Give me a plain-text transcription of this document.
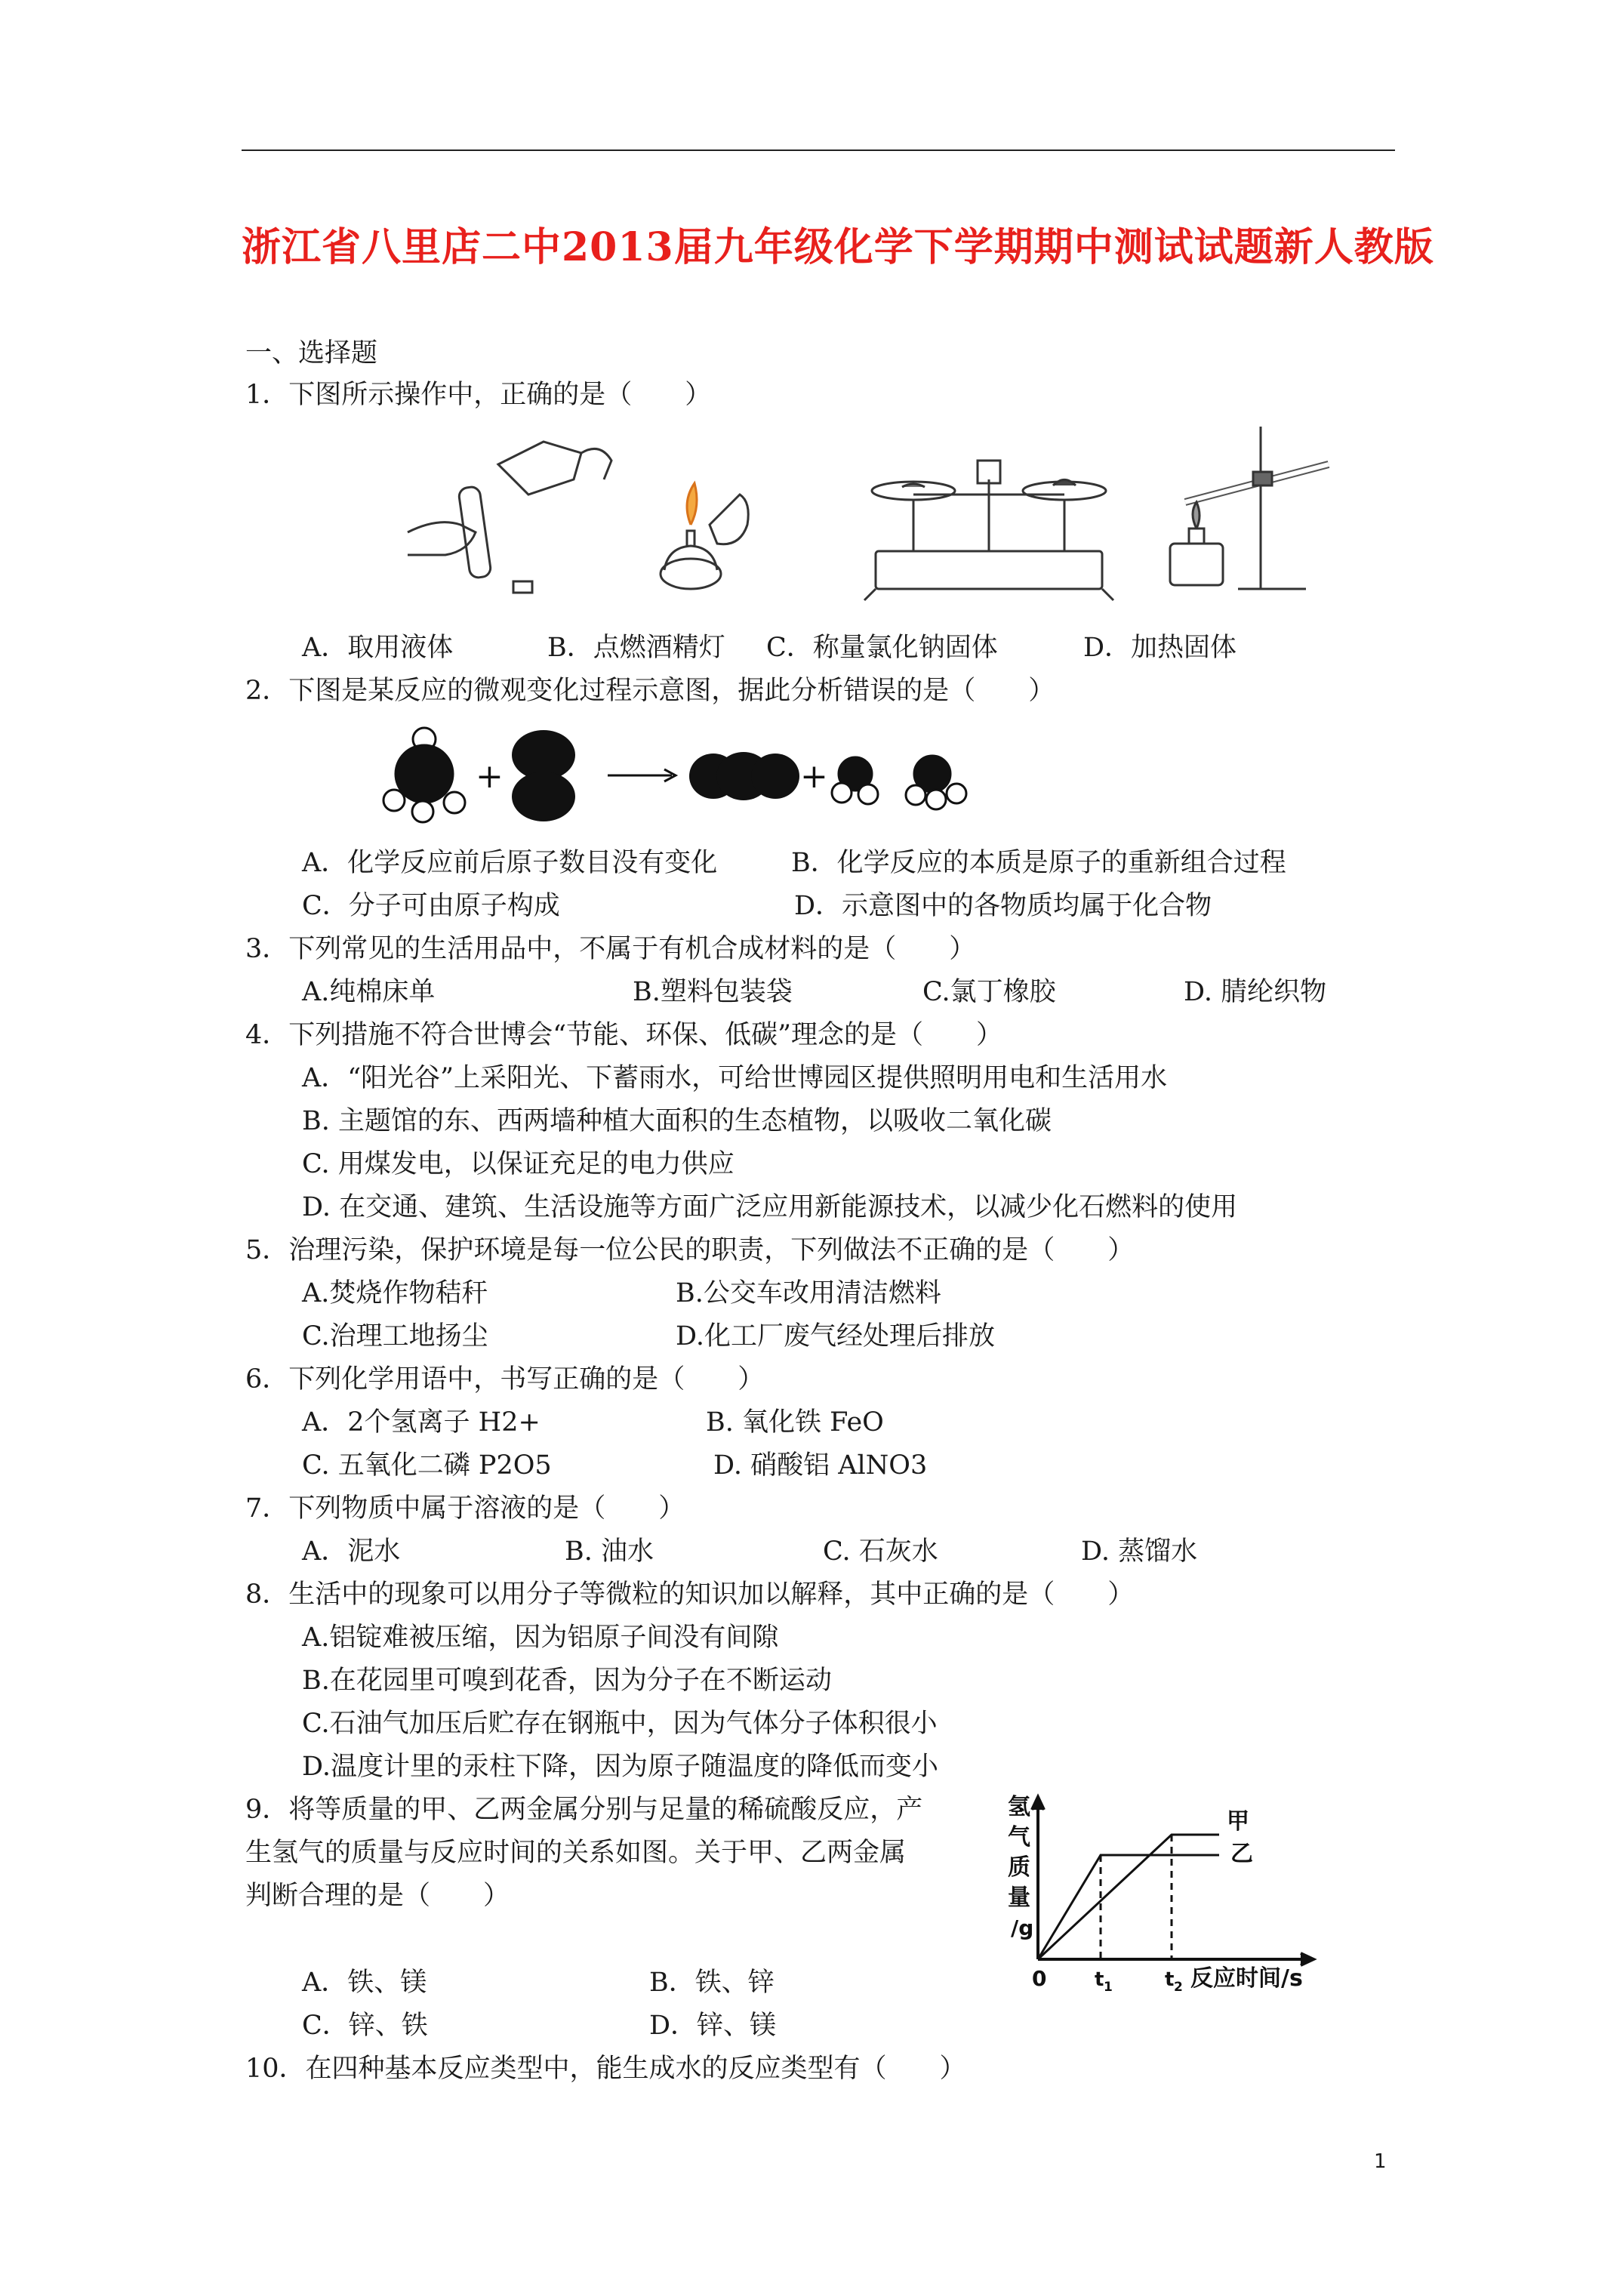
浙江省八里店二中2013届九年级化学下学期期中测试试题新人教版
一、选择题
1．下图所示操作中，正确的是（　　）
A．取用液体	B．点燃酒精灯 C．称量氯化钠固体	D．加热固体
2．下图是某反应的微观变化过程示意图，据此分析错误的是（　　）
+	+
A．化学反应前后原子数目没有变化	B．化学反应的本质是原子的重新组合过程
C．分子可由原子构成	D．示意图中的各物质均属于化合物
3．下列常见的生活用品中，不属于有机合成材料的是（　　）
A.纯棉床单	B.塑料包装袋	C.氯丁橡胶	D. 腈纶织物
4．下列措施不符合世博会“节能、环保、低碳”理念的是（　　）
A．“阳光谷”上采阳光、下蓄雨水，可给世博园区提供照明用电和生活用水
B. 主题馆的东、西两墙种植大面积的生态植物，以吸收二氧化碳
C. 用煤发电，以保证充足的电力供应
D. 在交通、建筑、生活设施等方面广泛应用新能源技术，以减少化石燃料的使用
5．治理污染，保护环境是每一位公民的职责，下列做法不正确的是（　　）
A.焚烧作物秸秆	B.公交车改用清洁燃料
C.治理工地扬尘	D.化工厂废气经处理后排放
6．下列化学用语中，书写正确的是（　　）
A．2个氢离子 H2+	B. 氧化铁 FeO
C. 五氧化二磷 P2O5	D. 硝酸铝 AlNO3
7．下列物质中属于溶液的是（　　）
A．泥水	B. 油水	C. 石灰水	D. 蒸馏水
8．生活中的现象可以用分子等微粒的知识加以解释，其中正确的是（　　）
A.铝锭难被压缩，因为铝原子间没有间隙
B.在花园里可嗅到花香，因为分子在不断运动
C.石油气加压后贮存在钢瓶中，因为气体分子体积很小
D.温度计里的汞柱下降，因为原子随温度的降低而变小
9．将等质量的甲、乙两金属分别与足量的稀硫酸反应，产
生氢气的质量与反应时间的关系如图。关于甲、乙两金属
判断合理的是（　　）
氢
气
质
量
/g
0 t 1	t 2 反应时间/s
甲
乙
A．铁、镁	B．铁、锌
C．锌、铁	D．锌、镁
10．在四种基本反应类型中，能生成水的反应类型有（　　）
1
